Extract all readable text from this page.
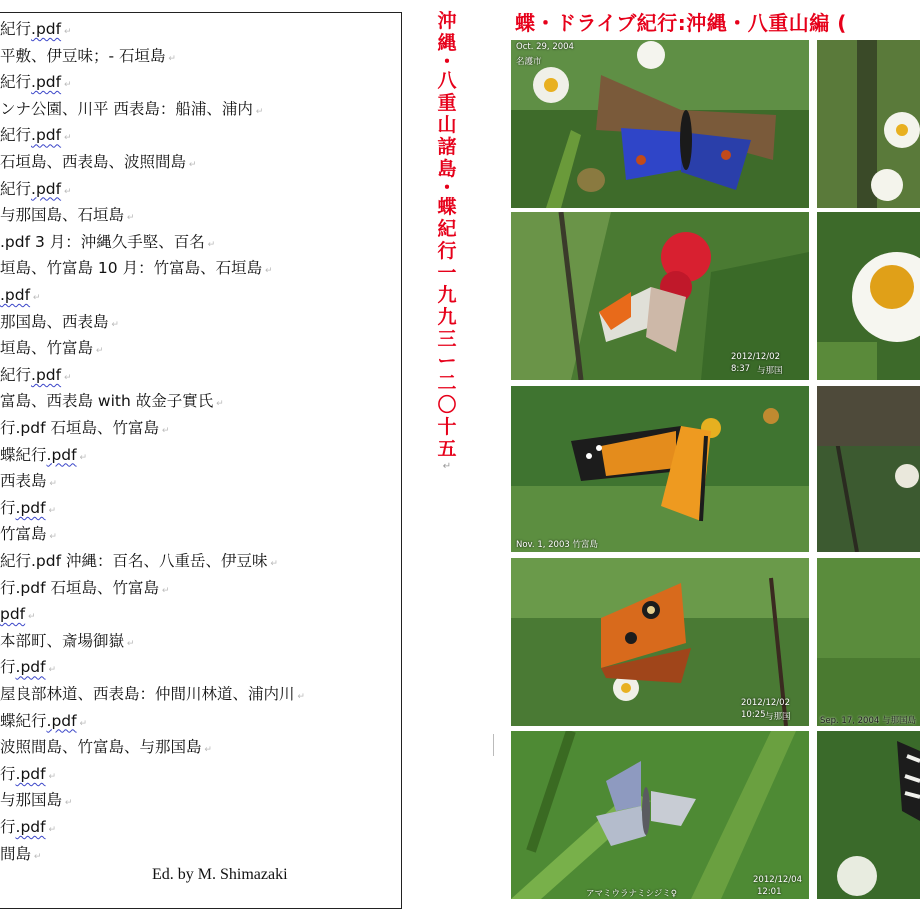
紀行.pdf ↵
平敷、伊豆味；- 石垣島 ↵
紀行.pdf ↵
ンナ公園、川平 西表島：船浦、浦内 ↵
紀行.pdf ↵
石垣島、西表島、波照間島 ↵
紀行.pdf ↵
与那国島、石垣島 ↵
.pdf 3 月：沖縄久手堅、百名 ↵
垣島、竹富島 10 月：竹富島、石垣島 ↵
.pdf ↵
那国島、西表島 ↵
垣島、竹富島 ↵
紀行.pdf ↵
富島、西表島 with 故金子實氏 ↵
行.pdf 石垣島、竹富島 ↵
蝶紀行.pdf ↵
西表島 ↵
行.pdf ↵
竹富島 ↵
紀行.pdf 沖縄：百名、八重岳、伊豆味 ↵
行.pdf 石垣島、竹富島 ↵
pdf ↵
本部町、斎場御嶽 ↵
行.pdf ↵
屋良部林道、西表島：仲間川林道、浦内川 ↵
蝶紀行.pdf ↵
波照間島、竹富島、与那国島 ↵
行.pdf ↵
与那国島 ↵
行.pdf ↵
間島 ↵
沖
縄
・
八
重
山
諸
島
・
蝶
紀
行
一
九
九
三
ー
二
〇
十
五
↵
蝶・ドライブ紀行:沖縄・八重山編 (
Oct. 29, 2004
名護市
2012/12/02
8:37 与那国
Nov. 1, 2003 竹富島
2012/12/02
10:25 与那国	Sep. 17, 2004 与那国島
アマミウラナミシジミ♀
2012/12/04
12:01
Ed. by M. Shimazaki
